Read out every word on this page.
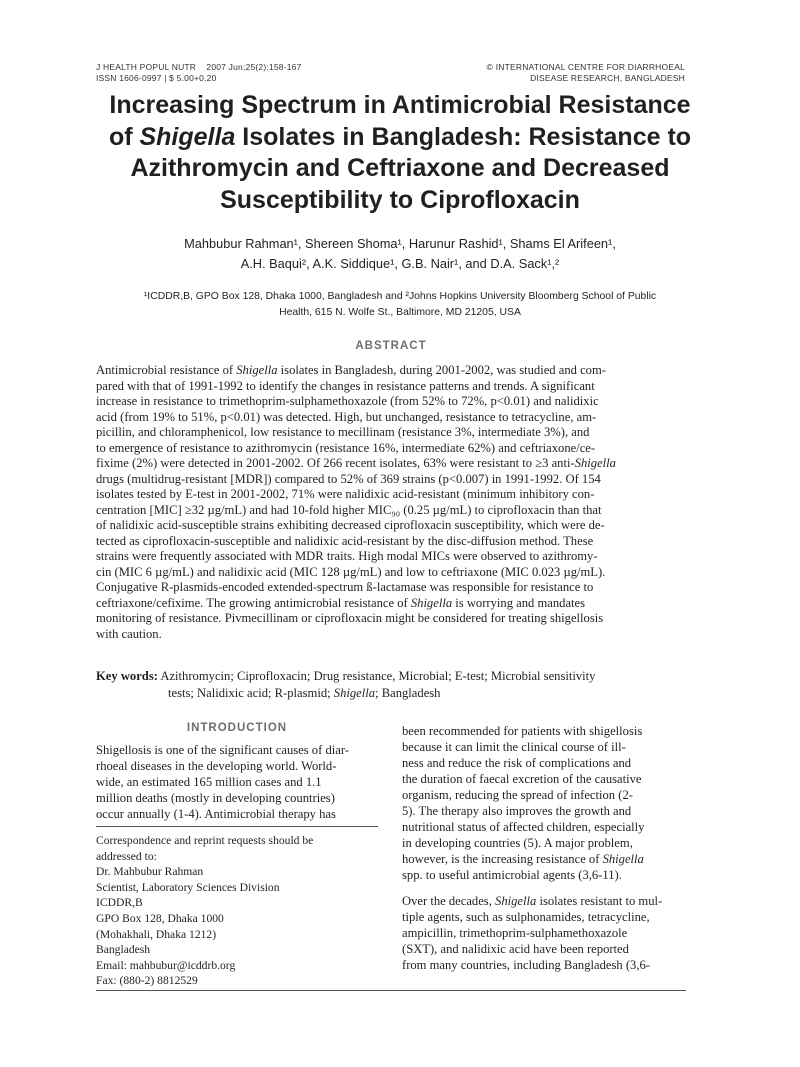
J HEALTH POPUL NUTR    2007 Jun;25(2):158-167
ISSN 1606-0997 | $ 5.00+0.20
© INTERNATIONAL CENTRE FOR DIARRHOEAL
DISEASE RESEARCH, BANGLADESH
Increasing Spectrum in Antimicrobial Resistance
of Shigella Isolates in Bangladesh: Resistance to
Azithromycin and Ceftriaxone and Decreased
Susceptibility to Ciprofloxacin
Mahbubur Rahman¹, Shereen Shoma¹, Harunur Rashid¹, Shams El Arifeen¹,
A.H. Baqui², A.K. Siddique¹, G.B. Nair¹, and D.A. Sack¹,²
¹ICDDR,B, GPO Box 128, Dhaka 1000, Bangladesh and ²Johns Hopkins University Bloomberg School of Public
Health, 615 N. Wolfe St., Baltimore, MD 21205, USA
ABSTRACT
Antimicrobial resistance of Shigella isolates in Bangladesh, during 2001-2002, was studied and com-
pared with that of 1991-1992 to identify the changes in resistance patterns and trends. A significant
increase in resistance to trimethoprim-sulphamethoxazole (from 52% to 72%, p<0.01) and nalidixic
acid (from 19% to 51%, p<0.01) was detected. High, but unchanged, resistance to tetracycline, am-
picillin, and chloramphenicol, low resistance to mecillinam (resistance 3%, intermediate 3%), and
to emergence of resistance to azithromycin (resistance 16%, intermediate 62%) and ceftriaxone/ce-
fixime (2%) were detected in 2001-2002. Of 266 recent isolates, 63% were resistant to ≥3 anti-Shigella
drugs (multidrug-resistant [MDR]) compared to 52% of 369 strains (p<0.007) in 1991-1992. Of 154
isolates tested by E-test in 2001-2002, 71% were nalidixic acid-resistant (minimum inhibitory con-
centration [MIC] ≥32 µg/mL) and had 10-fold higher MIC₉₀ (0.25 µg/mL) to ciprofloxacin than that
of nalidixic acid-susceptible strains exhibiting decreased ciprofloxacin susceptibility, which were de-
tected as ciprofloxacin-susceptible and nalidixic acid-resistant by the disc-diffusion method. These
strains were frequently associated with MDR traits. High modal MICs were observed to azithromy-
cin (MIC 6 µg/mL) and nalidixic acid (MIC 128 µg/mL) and low to ceftriaxone (MIC 0.023 µg/mL).
Conjugative R-plasmids-encoded extended-spectrum ß-lactamase was responsible for resistance to
ceftriaxone/cefixime. The growing antimicrobial resistance of Shigella is worrying and mandates
monitoring of resistance. Pivmecillinam or ciprofloxacin might be considered for treating shigellosis
with caution.
Key words: Azithromycin; Ciprofloxacin; Drug resistance, Microbial; E-test; Microbial sensitivity
tests; Nalidixic acid; R-plasmid; Shigella; Bangladesh
INTRODUCTION
Shigellosis is one of the significant causes of diar-
rhoeal diseases in the developing world. World-
wide, an estimated 165 million cases and 1.1
million deaths (mostly in developing countries)
occur annually (1-4). Antimicrobial therapy has
Correspondence and reprint requests should be
addressed to:
Dr. Mahbubur Rahman
Scientist, Laboratory Sciences Division
ICDDR,B
GPO Box 128, Dhaka 1000
(Mohakhali, Dhaka 1212)
Bangladesh
Email: mahbubur@icddrb.org
Fax: (880-2) 8812529
been recommended for patients with shigellosis
because it can limit the clinical course of ill-
ness and reduce the risk of complications and
the duration of faecal excretion of the causative
organism, reducing the spread of infection (2-
5). The therapy also improves the growth and
nutritional status of affected children, especially
in developing countries (5). A major problem,
however, is the increasing resistance of Shigella
spp. to useful antimicrobial agents (3,6-11).
Over the decades, Shigella isolates resistant to mul-
tiple agents, such as sulphonamides, tetracycline,
ampicillin, trimethoprim-sulphamethoxazole
(SXT), and nalidixic acid have been reported
from many countries, including Bangladesh (3,6-
